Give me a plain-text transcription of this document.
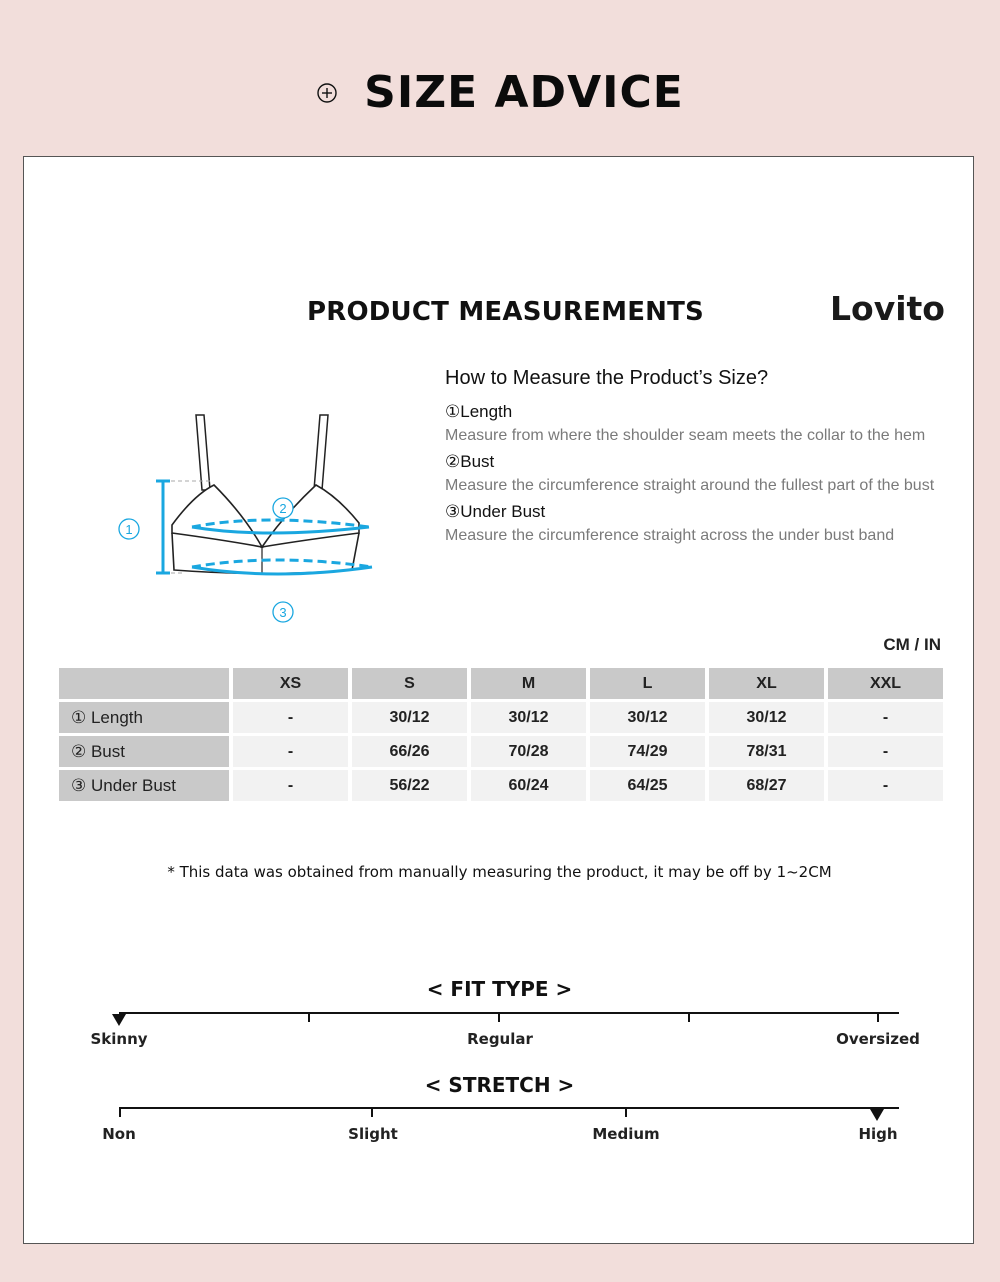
SIZE ADVICE
PRODUCT MEASUREMENTS	Lovito
1
2
3
How to Measure the Product’s Size?
①Length
Measure from where the shoulder seam meets the collar to the hem
②Bust
Measure the circumference straight around the fullest part of the bust
③Under Bust
Measure the circumference straight across the under bust band
CM / IN
	XS	S	M	L	XL	XXL
① Length	-	30/12	30/12	30/12	30/12	-
② Bust	-	66/26	70/28	74/29	78/31	-
③ Under Bust	-	56/22	60/24	64/25	68/27	-
* This data was obtained from manually measuring the product, it may be off by 1~2CM
< FIT TYPE >
Skinny	Regular	Oversized
< STRETCH >
Non	Slight	Medium	High
